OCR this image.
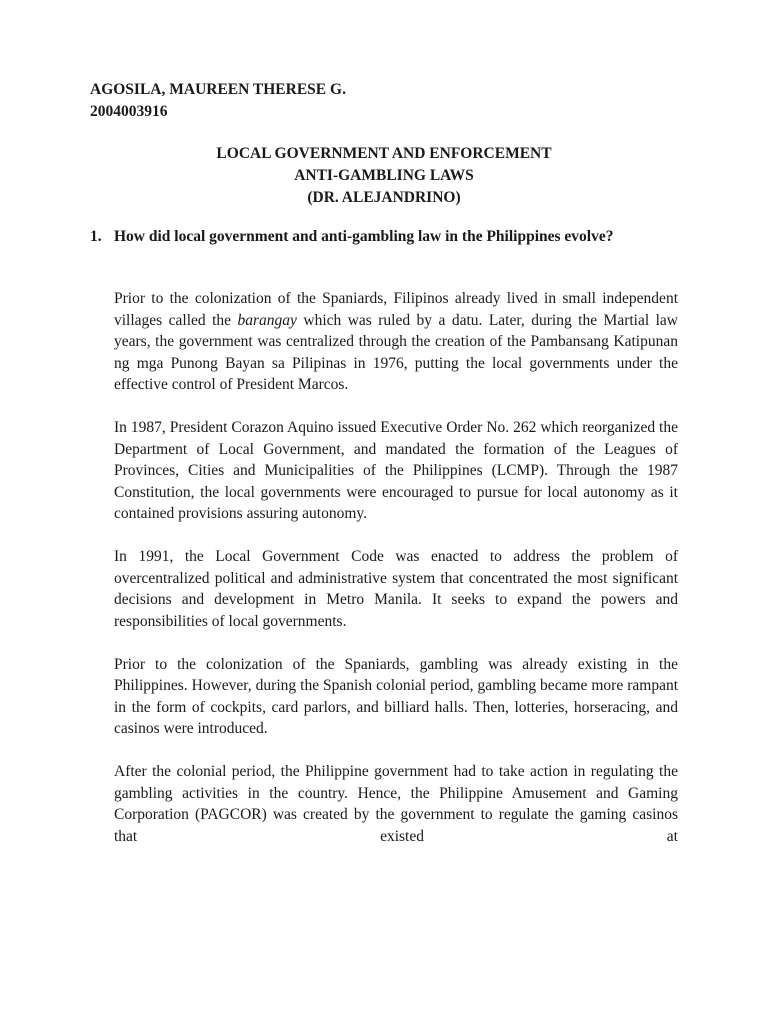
AGOSILA, MAUREEN THERESE G.
2004003916
LOCAL GOVERNMENT AND ENFORCEMENT
ANTI-GAMBLING LAWS
(DR. ALEJANDRINO)
1. How did local government and anti-gambling law in the Philippines evolve?

Prior to the colonization of the Spaniards, Filipinos already lived in small independent villages called the barangay which was ruled by a datu. Later, during the Martial law years, the government was centralized through the creation of the Pambansang Katipunan ng mga Punong Bayan sa Pilipinas in 1976, putting the local governments under the effective control of President Marcos.

In 1987, President Corazon Aquino issued Executive Order No. 262 which reorganized the Department of Local Government, and mandated the formation of the Leagues of Provinces, Cities and Municipalities of the Philippines (LCMP). Through the 1987 Constitution, the local governments were encouraged to pursue for local autonomy as it contained provisions assuring autonomy.

In 1991, the Local Government Code was enacted to address the problem of overcentralized political and administrative system that concentrated the most significant decisions and development in Metro Manila. It seeks to expand the powers and responsibilities of local governments.

Prior to the colonization of the Spaniards, gambling was already existing in the Philippines. However, during the Spanish colonial period, gambling became more rampant in the form of cockpits, card parlors, and billiard halls. Then, lotteries, horseracing, and casinos were introduced.

After the colonial period, the Philippine government had to take action in regulating the gambling activities in the country. Hence, the Philippine Amusement and Gaming Corporation (PAGCOR) was created by the government to regulate the gaming casinos that existed at
